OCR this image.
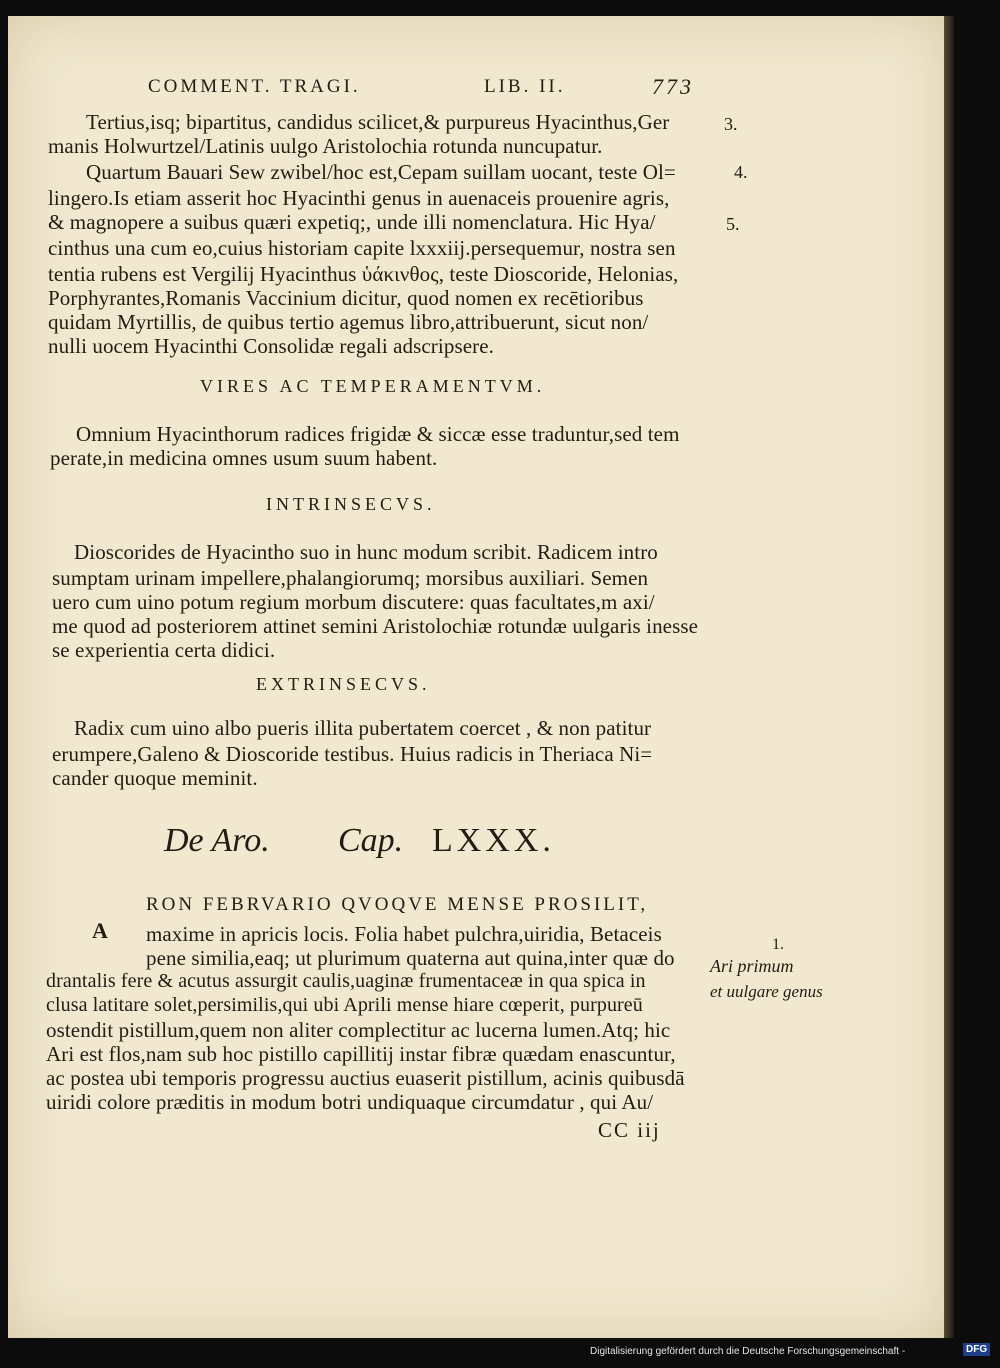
COMMENT. TRAGI.	LIB. II.	773
Tertius,isq; bipartitus, candidus scilicet,& purpureus Hyacinthus,Ger
manis Holwurtzel/Latinis uulgo Aristolochia rotunda nuncupatur.
Quartum Bauari Sew zwibel/hoc est,Cepam suillam uocant, teste Ol=
lingero.Is etiam asserit hoc Hyacinthi genus in auenaceis prouenire agris,
& magnopere a suibus quæri expetiq;, unde illi nomenclatura. Hic Hya/
cinthus una cum eo,cuius historiam capite lxxxiij.persequemur, nostra sen
tentia rubens est Vergilij Hyacinthus ὑάκινθος, teste Dioscoride, Helonias,
Porphyrantes,Romanis Vaccinium dicitur, quod nomen ex recētioribus
quidam Myrtillis, de quibus tertio agemus libro,attribuerunt, sicut non/
nulli uocem Hyacinthi Consolidæ regali adscripsere.
3.
4.
5.
VIRES AC TEMPERAMENTVM.
Omnium Hyacinthorum radices frigidæ & siccæ esse traduntur,sed tem
perate,in medicina omnes usum suum habent.
INTRINSECVS.
Dioscorides de Hyacintho suo in hunc modum scribit. Radicem intro
sumptam urinam impellere,phalangiorumq; morsibus auxiliari. Semen
uero cum uino potum regium morbum discutere: quas facultates,m axi/
me quod ad posteriorem attinet semini Aristolochiæ rotundæ uulgaris inesse
se experientia certa didici.
EXTRINSECVS.
Radix cum uino albo pueris illita pubertatem coercet , & non patitur
erumpere,Galeno & Dioscoride testibus. Huius radicis in Theriaca Ni=
cander quoque meminit.
De Aro. Cap. LXXX.
RON FEBRVARIO QVOQVE MENSE PROSILIT,
A maxime in apricis locis. Folia habet pulchra,uiridia, Betaceis
pene similia,eaq; ut plurimum quaterna aut quina,inter quæ do
drantalis fere & acutus assurgit caulis,uaginæ frumentaceæ in qua spica in
clusa latitare solet,persimilis,qui ubi Aprili mense hiare cœperit, purpureū
ostendit pistillum,quem non aliter complectitur ac lucerna lumen.Atq; hic
Ari est flos,nam sub hoc pistillo capillitij instar fibræ quædam enascuntur,
ac postea ubi temporis progressu auctius euaserit pistillum, acinis quibusdā
uiridi colore præditis in modum botri undiquaque circumdatur , qui Au/
CC iij
1.
Ari primum
et uulgare genus
Digitalisierung gefördert durch die Deutsche Forschungsgemeinschaft -	DFG
